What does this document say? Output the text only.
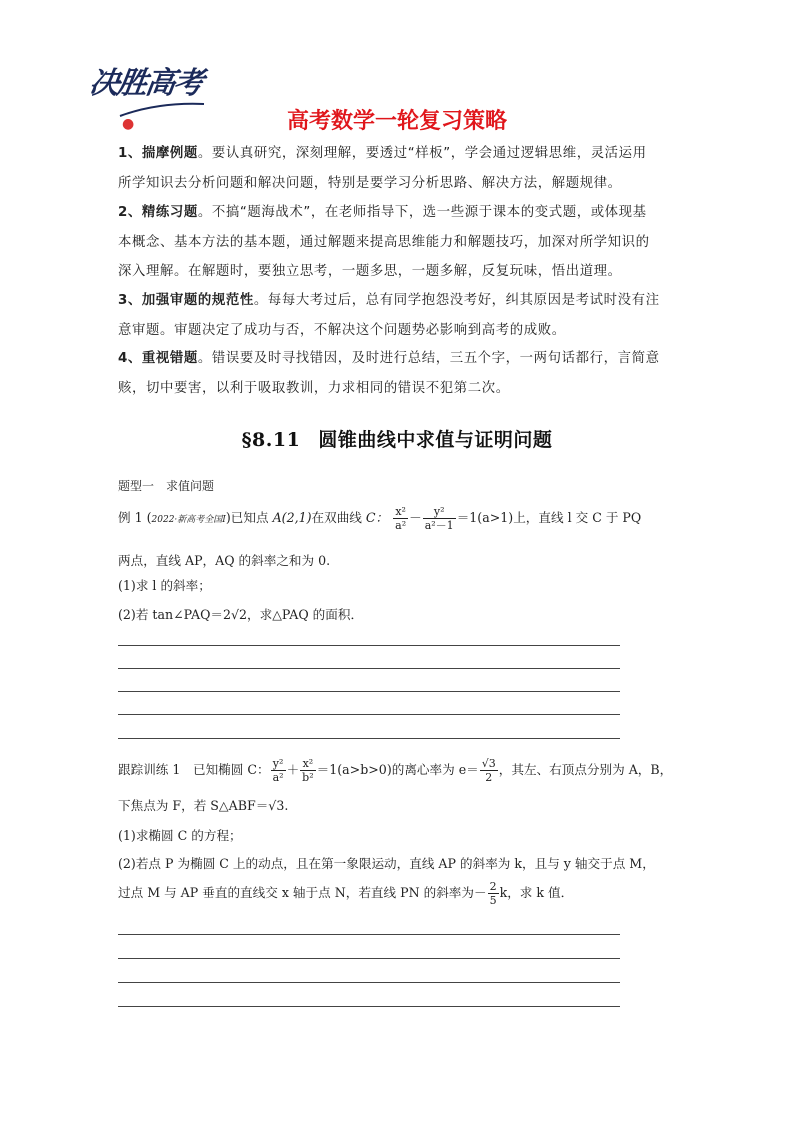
决胜高考
●	高考数学一轮复习策略
1、揣摩例题。要认真研究，深刻理解，要透过“样板”，学会通过逻辑思维，灵活运用
所学知识去分析问题和解决问题，特别是要学习分析思路、解决方法，解题规律。
2、精练习题。不搞“题海战术”，在老师指导下，选一些源于课本的变式题，或体现基
本概念、基本方法的基本题，通过解题来提高思维能力和解题技巧，加深对所学知识的
深入理解。在解题时，要独立思考，一题多思，一题多解，反复玩味，悟出道理。
3、加强审题的规范性。每每大考过后，总有同学抱怨没考好，纠其原因是考试时没有注
意审题。审题决定了成功与否，不解决这个问题势必影响到高考的成败。
4、重视错题。错误要及时寻找错因，及时进行总结，三五个字，一两句话都行，言简意
赅，切中要害，以利于吸取教训，力求相同的错误不犯第二次。
§8.11 圆锥曲线中求值与证明问题
题型一　求值问题
例 1 (2022·新高考全国Ⅰ)已知点 A(2,1)在双曲线 C： $\frac{\text{x²}}{\text{a²}} - \frac{\text{y²}}{\text{a²－1}} =1(a>1)$上，直线 l 交 C 于 PQ
两点，直线 AP，AQ 的斜率之和为 0.
(1)求 l 的斜率；
(2)若 tan∠PAQ＝2√2，求△PAQ 的面积．
跟踪训练 1　已知椭圆 C： $\frac{\text{y²}}{\text{a²}} + \frac{\text{x²}}{\text{b²}} =1(a>b>0)$的离心率为 $e= \frac{√3}{2}$ ，其左、右顶点分别为 A，B，
下焦点为 F，若 S△ABF＝√3.
(1)求椭圆 C 的方程；
(2)若点 P 为椭圆 C 上的动点，且在第一象限运动，直线 AP 的斜率为 k，且与 y 轴交于点 M，
过点 M 与 AP 垂直的直线交 x 轴于点 N，若直线 PN 的斜率为－ $\frac{2}{5}$ k，求 k 值．
